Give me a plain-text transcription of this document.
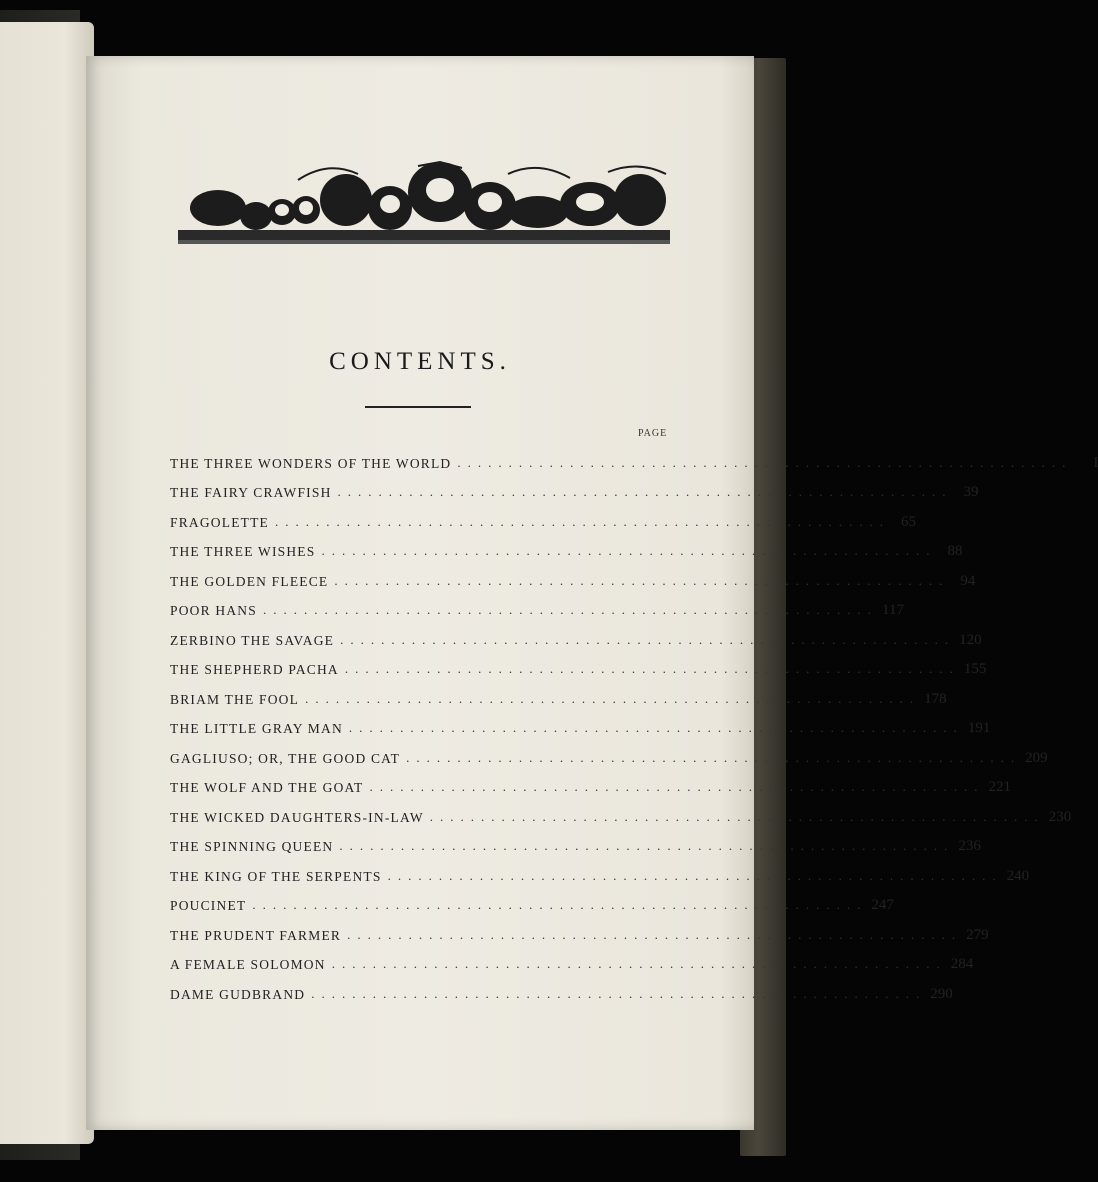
CONTENTS.
PAGE
THE THREE WONDERS OF THE WORLD ............................................................	I
THE FAIRY CRAWFISH ............................................................ 39
FRAGOLETTE ............................................................ 65
THE THREE WISHES ............................................................ 88
THE GOLDEN FLEECE ............................................................ 94
POOR HANS ............................................................ 117
ZERBINO THE SAVAGE ............................................................ 120
THE SHEPHERD PACHA ............................................................ 155
BRIAM THE FOOL ............................................................ 178
THE LITTLE GRAY MAN ............................................................ 191
GAGLIUSO; OR, THE GOOD CAT ............................................................ 209
THE WOLF AND THE GOAT ............................................................ 221
THE WICKED DAUGHTERS-IN-LAW ............................................................ 230
THE SPINNING QUEEN ............................................................ 236
THE KING OF THE SERPENTS ............................................................ 240
POUCINET ............................................................ 247
THE PRUDENT FARMER ............................................................ 279
A FEMALE SOLOMON ............................................................ 284
DAME GUDBRAND ............................................................ 290
